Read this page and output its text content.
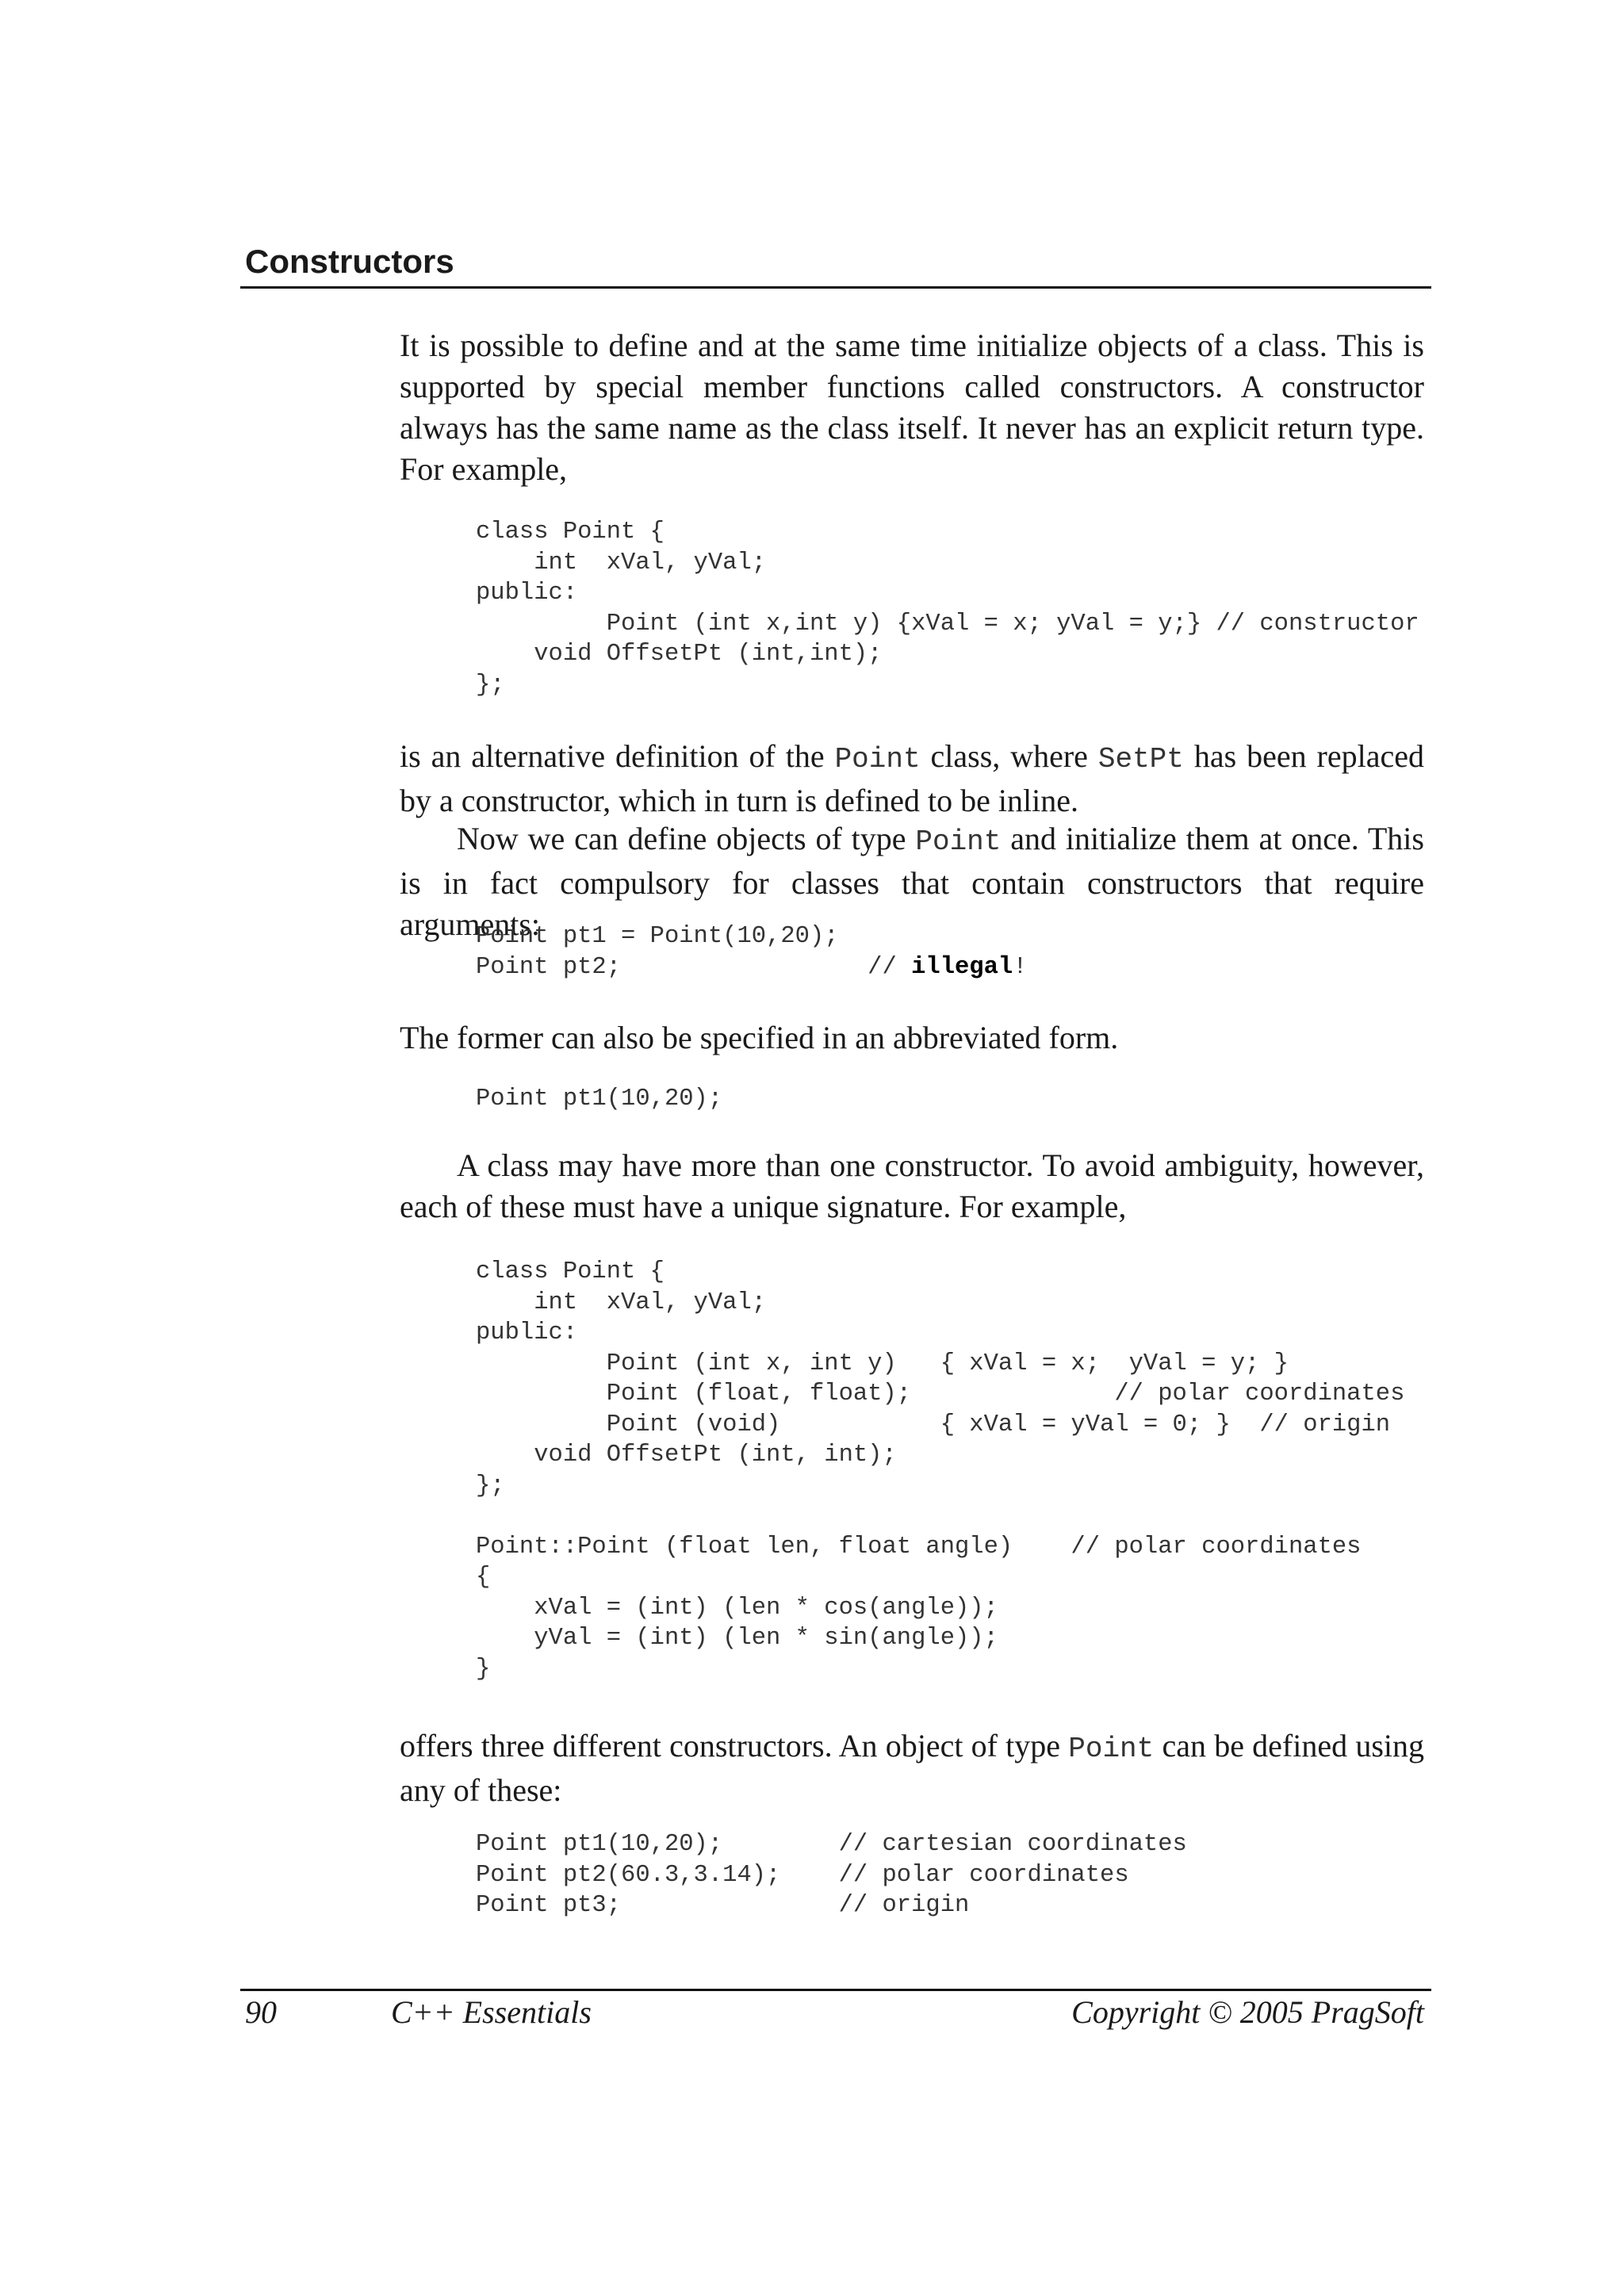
Constructors

It is possible to define and at the same time initialize objects of a class. This is supported by special member functions called constructors. A constructor always has the same name as the class itself. It never has an explicit return type. For example,

class Point {
int  xVal, yVal;
public:
Point (int x,int y) {xVal = x; yVal = y;} // constructor
void OffsetPt (int,int);
};

is an alternative definition of the Point class, where SetPt has been replaced by a constructor, which in turn is defined to be inline.

Now we can define objects of type Point and initialize them at once. This is in fact compulsory for classes that contain constructors that require arguments:

Point pt1 = Point(10,20);
Point pt2;                 // illegal!

The former can also be specified in an abbreviated form.

Point pt1(10,20);

A class may have more than one constructor. To avoid ambiguity, however, each of these must have a unique signature. For example,

class Point {
int  xVal, yVal;
public:
Point (int x, int y)   { xVal = x;  yVal = y; }
Point (float, float);              // polar coordinates
Point (void)           { xVal = yVal = 0; }  // origin
void OffsetPt (int, int);
};

Point::Point (float len, float angle)    // polar coordinates
{
xVal = (int) (len * cos(angle));
yVal = (int) (len * sin(angle));
}

offers three different constructors. An object of type Point can be defined using any of these:

Point pt1(10,20);        // cartesian coordinates
Point pt2(60.3,3.14);    // polar coordinates
Point pt3;               // origin
90	C++ Essentials	Copyright © 2005 PragSoft
